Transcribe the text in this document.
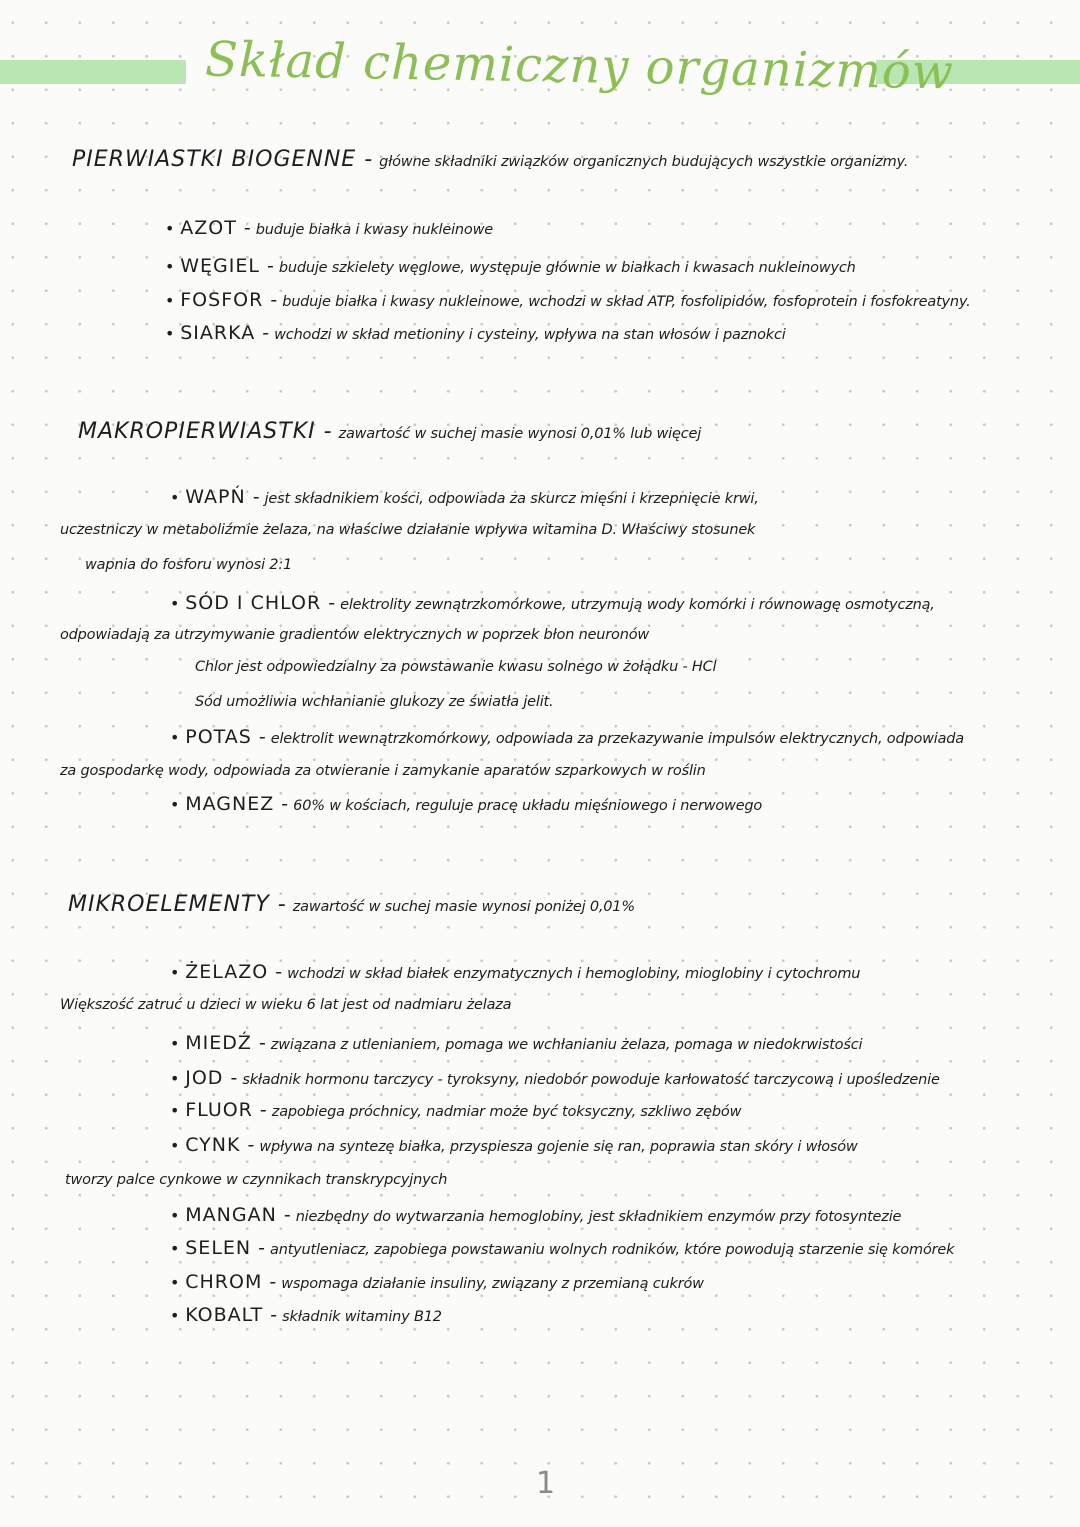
Skład chemiczny organizmów
PIERWIASTKI BIOGENNE - główne składniki związków organicznych budujących wszystkie organizmy.
• AZOT - buduje białka i kwasy nukleinowe
• WĘGIEL - buduje szkielety węglowe, występuje głównie w białkach i kwasach nukleinowych
• FOSFOR - buduje białka i kwasy nukleinowe, wchodzi w skład ATP, fosfolipidów, fosfoprotein i fosfokreatyny.
• SIARKA - wchodzi w skład metioniny i cysteiny, wpływa na stan włosów i paznokci
MAKROPIERWIASTKI - zawartość w suchej masie wynosi 0,01% lub więcej
• WAPŃ - jest składnikiem kości, odpowiada za skurcz mięśni i krzepnięcie krwi,
uczestniczy w metaboliźmie żelaza, na właściwe działanie wpływa witamina D. Właściwy stosunek
wapnia do fosforu wynosi 2:1
• SÓD I CHLOR - elektrolity zewnątrzkomórkowe, utrzymują wody komórki i równowagę osmotyczną,
odpowiadają za utrzymywanie gradientów elektrycznych w poprzek błon neuronów
Chlor jest odpowiedzialny za powstawanie kwasu solnego w żołądku - HCl
Sód umożliwia wchłanianie glukozy ze światła jelit.
• POTAS - elektrolit wewnątrzkomórkowy, odpowiada za przekazywanie impulsów elektrycznych, odpowiada
za gospodarkę wody, odpowiada za otwieranie i zamykanie aparatów szparkowych w roślin
• MAGNEZ - 60% w kościach, reguluje pracę układu mięśniowego i nerwowego
MIKROELEMENTY - zawartość w suchej masie wynosi poniżej 0,01%
• ŻELAZO - wchodzi w skład białek enzymatycznych i hemoglobiny, mioglobiny i cytochromu
Większość zatruć u dzieci w wieku 6 lat jest od nadmiaru żelaza
• MIEDŹ - związana z utlenianiem, pomaga we wchłanianiu żelaza, pomaga w niedokrwistości
• JOD - składnik hormonu tarczycy - tyroksyny, niedobór powoduje karłowatość tarczycową i upośledzenie
• FLUOR - zapobiega próchnicy, nadmiar może być toksyczny, szkliwo zębów
• CYNK - wpływa na syntezę białka, przyspiesza gojenie się ran, poprawia stan skóry i włosów
tworzy palce cynkowe w czynnikach transkrypcyjnych
• MANGAN - niezbędny do wytwarzania hemoglobiny, jest składnikiem enzymów przy fotosyntezie
• SELEN - antyutleniacz, zapobiega powstawaniu wolnych rodników, które powodują starzenie się komórek
• CHROM - wspomaga działanie insuliny, związany z przemianą cukrów
• KOBALT - składnik witaminy B12
1
